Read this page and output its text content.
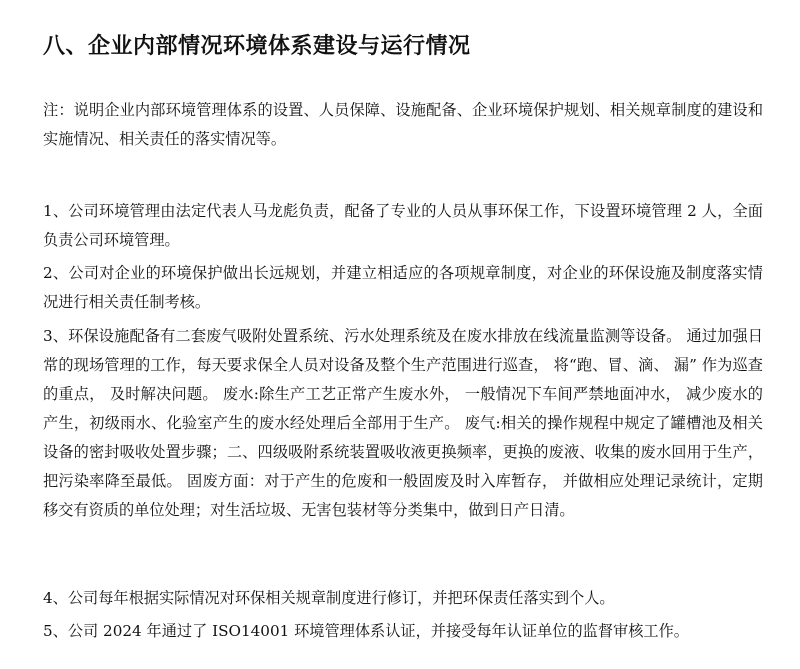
八、企业内部情况环境体系建设与运行情况

注：说明企业内部环境管理体系的设置、人员保障、设施配备、企业环境保护规划、相关规章制度的建设和实施情况、相关责任的落实情况等。

1、公司环境管理由法定代表人马龙彪负责，配备了专业的人员从事环保工作，下设置环境管理 2 人，全面负责公司环境管理。

2、公司对企业的环境保护做出长远规划，并建立相适应的各项规章制度，对企业的环保设施及制度落实情况进行相关责任制考核。

3、环保设施配备有二套废气吸附处置系统、污水处理系统及在废水排放在线流量监测等设备。 通过加强日常的现场管理的工作，每天要求保全人员对设备及整个生产范围进行巡查， 将“跑、冒、滴、 漏” 作为巡查的重点， 及时解决问题。 废水:除生产工艺正常产生废水外， 一般情况下车间严禁地面冲水， 减少废水的产生，初级雨水、化验室产生的废水经处理后全部用于生产。 废气:相关的操作规程中规定了罐槽池及相关设备的密封吸收处置步骤；二、四级吸附系统装置吸收液更换频率，更换的废液、收集的废水回用于生产，把污染率降至最低。 固废方面：对于产生的危废和一般固废及时入库暂存， 并做相应处理记录统计，定期移交有资质的单位处理；对生活垃圾、无害包装材等分类集中，做到日产日清。

4、公司每年根据实际情况对环保相关规章制度进行修订，并把环保责任落实到个人。

5、公司 2024 年通过了 ISO14001 环境管理体系认证，并接受每年认证单位的监督审核工作。
